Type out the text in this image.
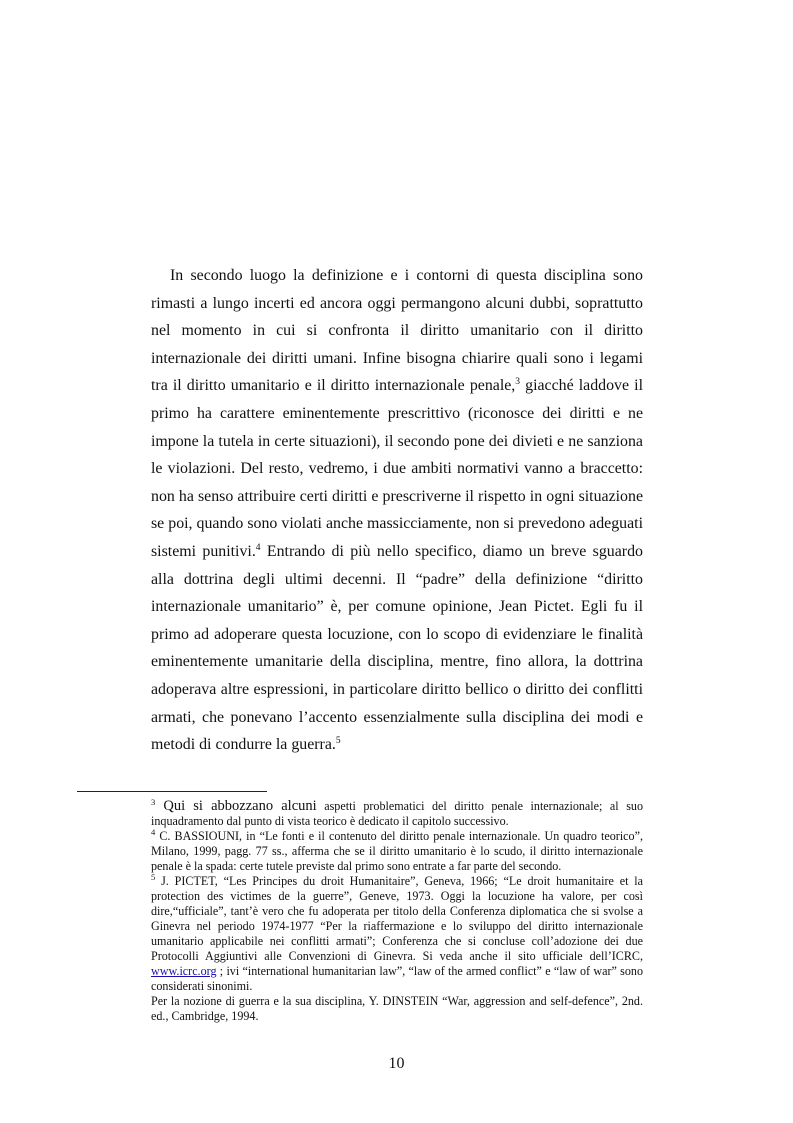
In secondo luogo la definizione e i contorni di questa disciplina sono rimasti a lungo incerti ed ancora oggi permangono alcuni dubbi, soprattutto nel momento in cui si confronta il diritto umanitario con il diritto internazionale dei diritti umani. Infine bisogna chiarire quali sono i legami tra il diritto umanitario e il diritto internazionale penale,$^3$ giacché laddove il primo ha carattere eminentemente prescrittivo (riconosce dei diritti e ne impone la tutela in certe situazioni), il secondo pone dei divieti e ne sanziona le violazioni. Del resto, vedremo, i due ambiti normativi vanno a braccetto: non ha senso attribuire certi diritti e prescriverne il rispetto in ogni situazione se poi, quando sono violati anche massicciamente, non si prevedono adeguati sistemi punitivi.$^4$ Entrando di più nello specifico, diamo un breve sguardo alla dottrina degli ultimi decenni. Il “padre” della definizione “diritto internazionale umanitario” è, per comune opinione, Jean Pictet. Egli fu il primo ad adoperare questa locuzione, con lo scopo di evidenziare le finalità eminentemente umanitarie della disciplina, mentre, fino allora, la dottrina adoperava altre espressioni, in particolare diritto bellico o diritto dei conflitti armati, che ponevano l’accento essenzialmente sulla disciplina dei modi e metodi di condurre la guerra.$^5$

$^3$ Qui si abbozzano alcuni aspetti problematici del diritto penale internazionale; al suo inquadramento dal punto di vista teorico è dedicato il capitolo successivo.

$^4$ C. BASSIOUNI, in “Le fonti e il contenuto del diritto penale internazionale. Un quadro teorico”, Milano, 1999, pagg. 77 ss., afferma che se il diritto umanitario è lo scudo, il diritto internazionale penale è la spada: certe tutele previste dal primo sono entrate a far parte del secondo.

$^5$ J. PICTET, “Les Principes du droit Humanitaire”, Geneva, 1966; “Le droit humanitaire et la protection des victimes de la guerre”, Geneve, 1973. Oggi la locuzione ha valore, per così dire,“ufficiale”, tant’è vero che fu adoperata per titolo della Conferenza diplomatica che si svolse a Ginevra nel periodo 1974-1977 “Per la riaffermazione e lo sviluppo del diritto internazionale umanitario applicabile nei conflitti armati”; Conferenza che si concluse coll’adozione dei due Protocolli Aggiuntivi alle Convenzioni di Ginevra. Si veda anche il sito ufficiale dell’ICRC, www.icrc.org ; ivi “international humanitarian law”, “law of the armed conflict” e “law of war” sono considerati sinonimi.

Per la nozione di guerra e la sua disciplina, Y. DINSTEIN “War, aggression and self-defence”, 2nd. ed., Cambridge, 1994.

10
